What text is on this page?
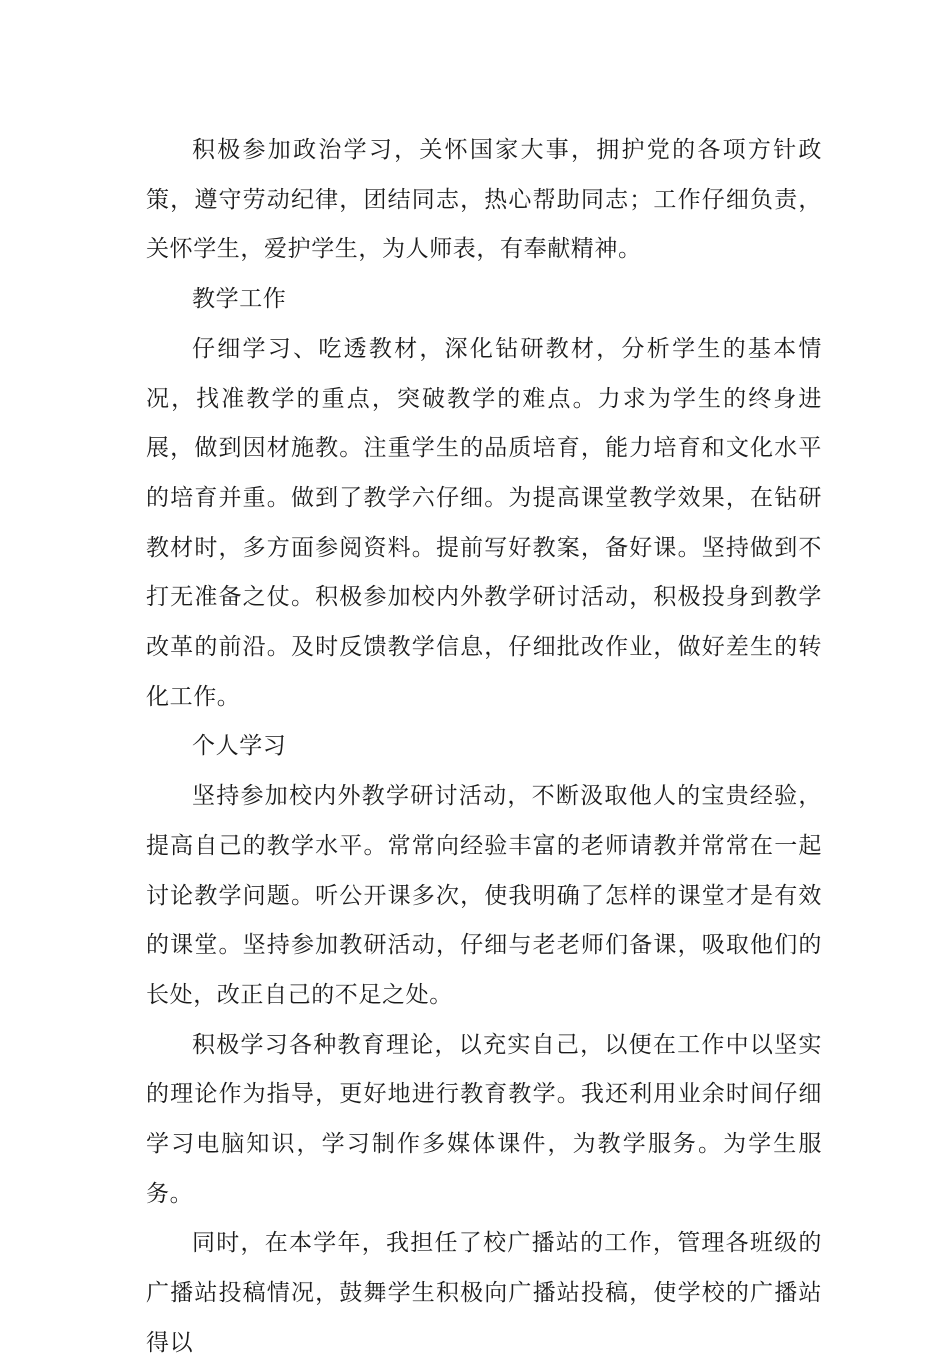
积极参加政治学习，关怀国家大事，拥护党的各项方针政策，遵守劳动纪律，团结同志，热心帮助同志；工作仔细负责，关怀学生，爱护学生，为人师表，有奉献精神。

教学工作

仔细学习、吃透教材，深化钻研教材，分析学生的基本情况，找准教学的重点，突破教学的难点。力求为学生的终身进展，做到因材施教。注重学生的品质培育，能力培育和文化水平的培育并重。做到了教学六仔细。为提高课堂教学效果，在钻研教材时，多方面参阅资料。提前写好教案，备好课。坚持做到不打无准备之仗。积极参加校内外教学研讨活动，积极投身到教学改革的前沿。及时反馈教学信息，仔细批改作业，做好差生的转化工作。

个人学习

坚持参加校内外教学研讨活动，不断汲取他人的宝贵经验，提高自己的教学水平。常常向经验丰富的老师请教并常常在一起讨论教学问题。听公开课多次，使我明确了怎样的课堂才是有效的课堂。坚持参加教研活动，仔细与老老师们备课，吸取他们的长处，改正自己的不足之处。

积极学习各种教育理论，以充实自己，以便在工作中以坚实的理论作为指导，更好地进行教育教学。我还利用业余时间仔细学习电脑知识，学习制作多媒体课件，为教学服务。为学生服务。

同时，在本学年，我担任了校广播站的工作，管理各班级的广播站投稿情况，鼓舞学生积极向广播站投稿，使学校的广播站得以
